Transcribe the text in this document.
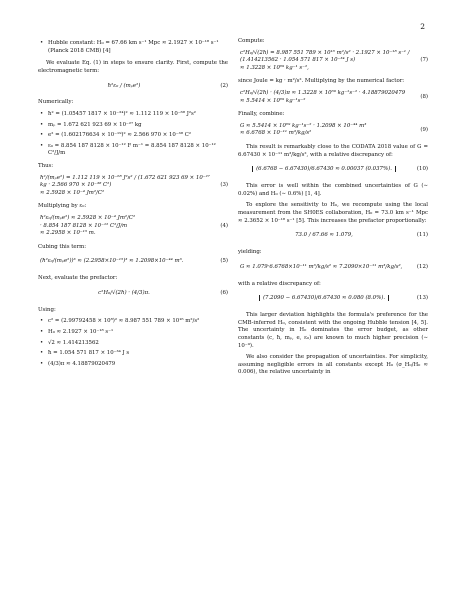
2
• Hubble constant: H₀ = 67.66 km s⁻¹ Mpc ≈ 2.1927 × 10⁻¹⁸ s⁻¹ (Planck 2018 CMB) [4]

We evaluate Eq. (1) in steps to ensure clarity. First, compute the electromagnetic term:

ħ²ε₀ / (mₚe²)	(2)

Numerically:

• ħ² = (1.05457 1817 × 10⁻³⁴)² ≈ 1.112 119 × 10⁻⁶⁸ J²s²
• mₚ = 1.672 621 923 69 × 10⁻²⁷ kg
• e² = (1.602176634 × 10⁻¹⁹)² ≈ 2.566 970 × 10⁻³⁸ C²
• ε₀ = 8.854 187 8128 × 10⁻¹² F m⁻¹ = 8.854 187 8128 × 10⁻¹² C²/J/m

Thus:

ħ²/(mₚe²) = 1.112 119 × 10⁻⁶⁸ J²s² / (1.672 621 923 69 × 10⁻²⁷ kg · 2.566 970 × 10⁻³⁸ C²)
≈ 2.5928 × 10⁻⁴ Jm²/C²
(3)

Multiplying by ε₀:

ħ²ε₀/(mₚe²) ≈ 2.5928 × 10⁻⁴ Jm²/C²
· 8.854 187 8128 × 10⁻¹² C²/J/m
≈ 2.2958 × 10⁻¹⁵ m.
(4)

Cubing this term:

(ħ²ε₀/(mₚe²))³ ≈ (2.2958×10⁻¹⁵)³ ≈ 1.2098×10⁻⁴⁴ m³.	(5)

Next, evaluate the prefactor:

c²H₀/√(2ħ) · (4/3)π.	(6)

Using:

• c² = (2.99792458 × 10⁸)² ≈ 8.987 551 789 × 10¹⁶ m²/s²
• H₀ ≈ 2.1927 × 10⁻¹⁸ s⁻¹
• √2 ≈ 1.414213562
• ħ = 1.054 571 817 × 10⁻³⁴ J s
• (4/3)π ≈ 4.18879020479

Compute:

c²H₀/√(2ħ) = 8.987 551 789 × 10¹⁶ m²/s² · 2.1927 × 10⁻¹⁸ s⁻¹ / (1.414213562 · 1.054 571 817 × 10⁻³⁴ J s)
≈ 1.3228 × 10⁶⁹ kg⁻¹ s⁻²,
(7)

since Joule = kg · m²/s². Multiplying by the numerical factor:

c²H₀/√(2ħ) · (4/3)π ≈ 1.3228 × 10⁶⁹ kg⁻¹s⁻² · 4.18879020479
≈ 5.5414 × 10⁶⁹ kg⁻¹s⁻²
(8)

Finally, combine:

G ≈ 5.5414 × 10⁶⁹ kg⁻¹s⁻² · 1.2098 × 10⁻⁴⁴ m³
≈ 6.6768 × 10⁻¹¹ m³/kg/s²
(9)

This result is remarkably close to the CODATA 2018 value of G = 6.67430 × 10⁻¹¹ m³/kg/s², with a relative discrepancy of:

(6.6768 − 6.67430)/6.67430 ≈ 0.00037 (0.037%).	(10)

This error is well within the combined uncertainties of G (∼ 0.02%) and H₀ (∼ 0.6%) [1, 4].

To explore the sensitivity to H₀, we recompute using the local measurement from the SH0ES collaboration, H₀ = 73.0 km s⁻¹ Mpc ≈ 2.3652 × 10⁻¹⁸ s⁻¹ [5]. This increases the prefactor proportionally:

73.0 / 67.66 ≈ 1.079,	(11)

yielding:

G ≈ 1.079·6.6768×10⁻¹¹ m³/kg/s² ≈ 7.2090×10⁻¹¹ m³/kg/s²,	(12)

with a relative discrepancy of:

(7.2090 − 6.67430)/6.67430 ≈ 0.080 (8.0%).	(13)

This larger deviation highlights the formula's preference for the CMB-inferred H₀, consistent with the ongoing Hubble tension [4, 5]. The uncertainty in H₀ dominates the error budget, as other constants (c, ħ, mₚ, e, ε₀) are known to much higher precision (∼ 10⁻⁹).

We also consider the propagation of uncertainties. For simplicity, assuming negligible errors in all constants except H₀ (σ_H₀/H₀ ≈ 0.006), the relative uncertainty in
